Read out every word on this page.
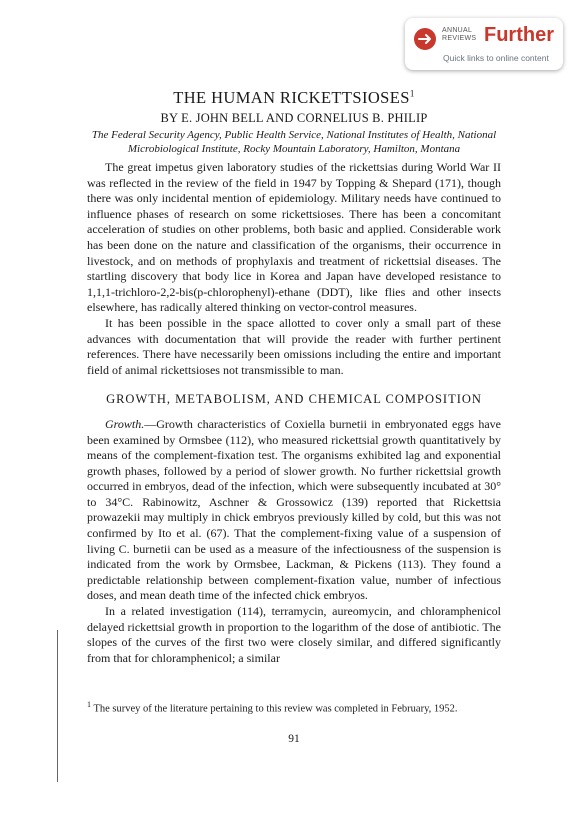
ANNUAL
REVIEWS Further
Quick links to online content
THE HUMAN RICKETTSIOSES$^1$
BY E. JOHN BELL AND CORNELIUS B. PHILIP
The Federal Security Agency, Public Health Service, National Institutes of Health, National Microbiological Institute, Rocky Mountain Laboratory, Hamilton, Montana

The great impetus given laboratory studies of the rickettsias during World War II was reflected in the review of the field in 1947 by Topping & Shepard (171), though there was only incidental mention of epidemiology. Military needs have continued to influence phases of research on some rickettsioses. There has been a concomitant acceleration of studies on other problems, both basic and applied. Considerable work has been done on the nature and classification of the organisms, their occurrence in livestock, and on methods of prophylaxis and treatment of rickettsial diseases. The startling discovery that body lice in Korea and Japan have developed resistance to 1,1,1-trichloro-2,2-bis(p-chlorophenyl)-ethane (DDT), like flies and other insects elsewhere, has radically altered thinking on vector-control measures.

It has been possible in the space allotted to cover only a small part of these advances with documentation that will provide the reader with further pertinent references. There have necessarily been omissions including the entire and important field of animal rickettsioses not transmissible to man.

GROWTH, METABOLISM, AND CHEMICAL COMPOSITION

Growth.—Growth characteristics of Coxiella burnetii in embryonated eggs have been examined by Ormsbee (112), who measured rickettsial growth quantitatively by means of the complement-fixation test. The organisms exhibited lag and exponential growth phases, followed by a period of slower growth. No further rickettsial growth occurred in embryos, dead of the infection, which were subsequently incubated at 30° to 34°C. Rabinowitz, Aschner & Grossowicz (139) reported that Rickettsia prowazekii may multiply in chick embryos previously killed by cold, but this was not confirmed by Ito et al. (67). That the complement-fixing value of a suspension of living C. burnetii can be used as a measure of the infectiousness of the suspension is indicated from the work by Ormsbee, Lackman, & Pickens (113). They found a predictable relationship between complement-fixation value, number of infectious doses, and mean death time of the infected chick embryos.

In a related investigation (114), terramycin, aureomycin, and chloramphenicol delayed rickettsial growth in proportion to the logarithm of the dose of antibiotic. The slopes of the curves of the first two were closely similar, and differed significantly from that for chloramphenicol; a similar

$^1$ The survey of the literature pertaining to this review was completed in February, 1952.
91
